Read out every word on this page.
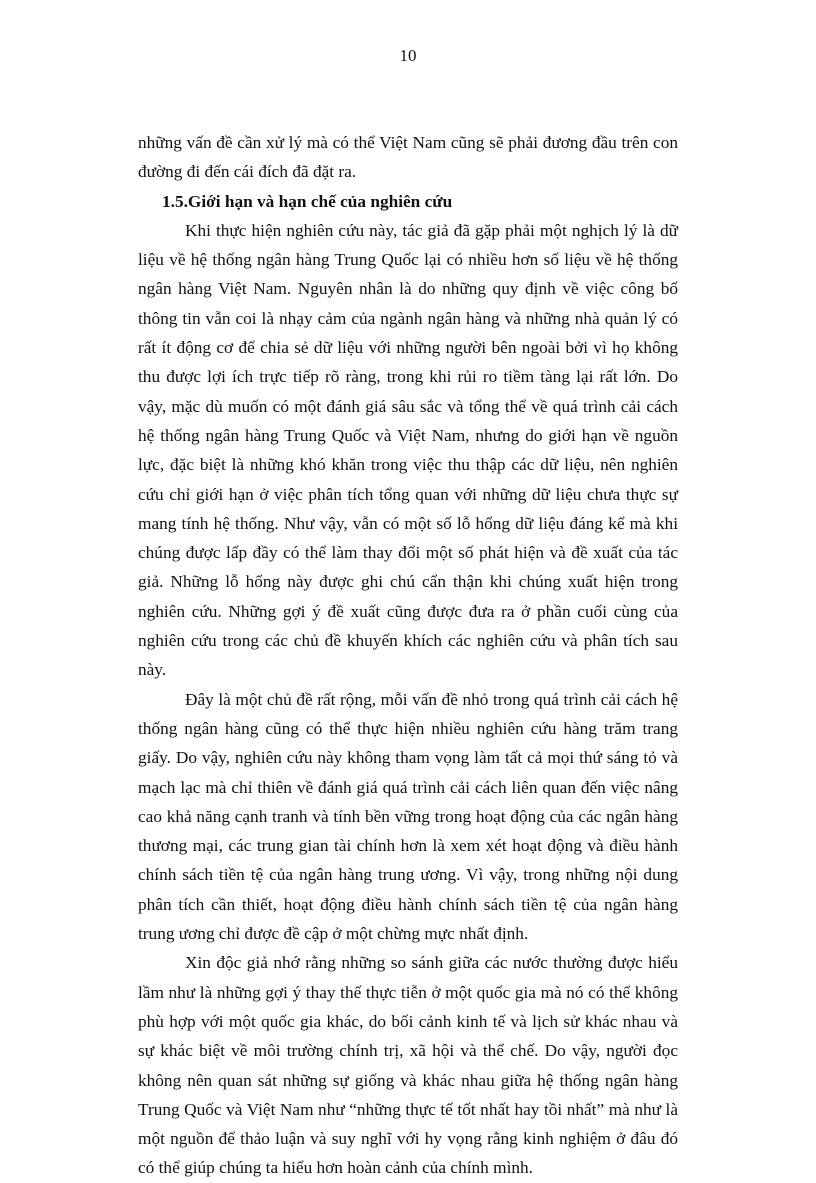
10

những vấn đề cần xử lý mà có thể Việt Nam cũng sẽ phải đương đầu trên con đường đi đến cái đích đã đặt ra.

1.5.Giới hạn và hạn chế của nghiên cứu

Khi thực hiện nghiên cứu này, tác giả đã gặp phải một nghịch lý là dữ liệu về hệ thống ngân hàng Trung Quốc lại có nhiều hơn số liệu về hệ thống ngân hàng Việt Nam. Nguyên nhân là do những quy định về việc công bố thông tin vẫn coi là nhạy cảm của ngành ngân hàng và những nhà quản lý có rất ít động cơ để chia sẻ dữ liệu với những người bên ngoài bởi vì họ không thu được lợi ích trực tiếp rõ ràng, trong khi rủi ro tiềm tàng lại rất lớn. Do vậy, mặc dù muốn có một đánh giá sâu sắc và tổng thể về quá trình cải cách hệ thống ngân hàng Trung Quốc và Việt Nam, nhưng do giới hạn về nguồn lực, đặc biệt là những khó khăn trong việc thu thập các dữ liệu, nên nghiên cứu chỉ giới hạn ở việc phân tích tổng quan với những dữ liệu chưa thực sự mang tính hệ thống. Như vậy, vẫn có một số lỗ hổng dữ liệu đáng kể mà khi chúng được lấp đầy có thể làm thay đổi một số phát hiện và đề xuất của tác giả. Những lỗ hổng này được ghi chú cẩn thận khi chúng xuất hiện trong nghiên cứu. Những gợi ý đề xuất cũng được đưa ra ở phần cuối cùng của nghiên cứu trong các chủ đề khuyến khích các nghiên cứu và phân tích sau này.

Đây là một chủ đề rất rộng, mỗi vấn đề nhỏ trong quá trình cải cách hệ thống ngân hàng cũng có thể thực hiện nhiều nghiên cứu hàng trăm trang giấy. Do vậy, nghiên cứu này không tham vọng làm tất cả mọi thứ sáng tỏ và mạch lạc mà chỉ thiên về đánh giá quá trình cải cách liên quan đến việc nâng cao khả năng cạnh tranh và tính bền vững trong hoạt động của các ngân hàng thương mại, các trung gian tài chính hơn là xem xét hoạt động và điều hành chính sách tiền tệ của ngân hàng trung ương. Vì vậy, trong những nội dung phân tích cần thiết, hoạt động điều hành chính sách tiền tệ của ngân hàng trung ương chỉ được đề cập ở một chừng mực nhất định.

Xin độc giả nhớ rằng những so sánh giữa các nước thường được hiểu lầm như là những gợi ý thay thế thực tiễn ở một quốc gia mà nó có thể không phù hợp với một quốc gia khác, do bối cảnh kinh tế và lịch sử khác nhau và sự khác biệt về môi trường chính trị, xã hội và thể chế. Do vậy, người đọc không nên quan sát những sự giống và khác nhau giữa hệ thống ngân hàng Trung Quốc và Việt Nam như “những thực tế tốt nhất hay tồi nhất” mà như là một nguồn để thảo luận và suy nghĩ với hy vọng rằng kinh nghiệm ở đâu đó có thể giúp chúng ta hiểu hơn hoàn cảnh của chính mình.
